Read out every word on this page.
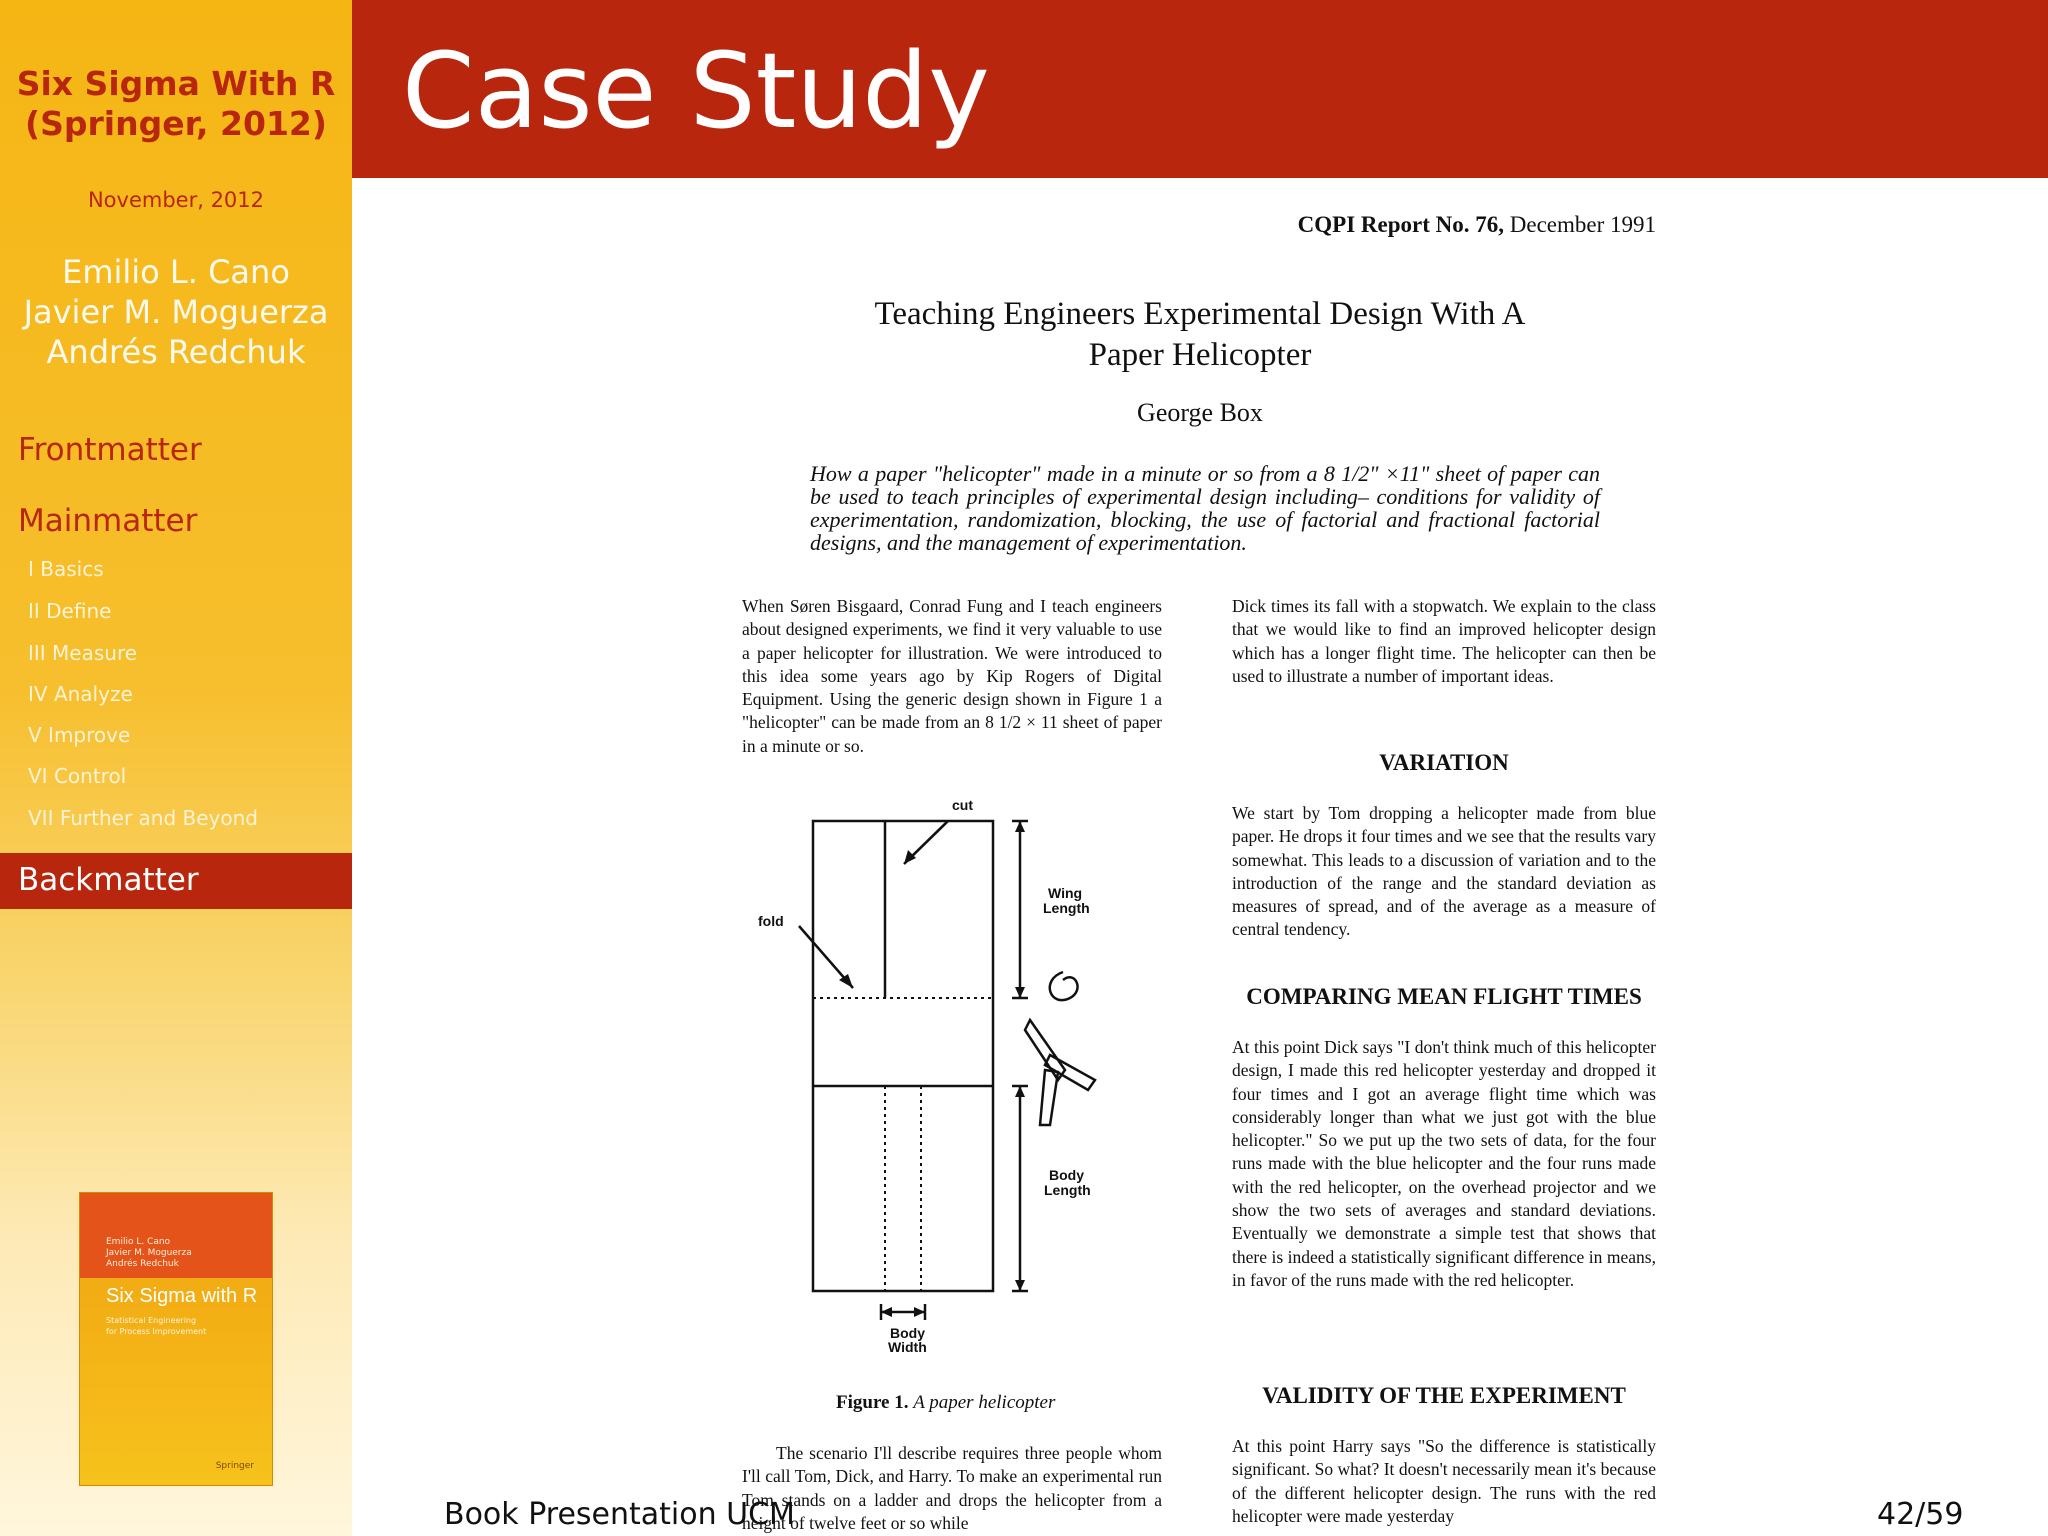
Six Sigma With R
(Springer, 2012)
November, 2012
Emilio L. Cano
Javier M. Moguerza
Andrés Redchuk
Frontmatter
Mainmatter
I Basics
II Define
III Measure
IV Analyze
V Improve
VI Control
VII Further and Beyond
Backmatter
Emilio L. Cano
Javier M. Moguerza
Andrés Redchuk
Six Sigma with R
Statistical Engineering
for Process Improvement
Springer
Case Study
CQPI Report No. 76, December 1991
Teaching Engineers Experimental Design With A
Paper Helicopter
George Box
How a paper "helicopter" made in a minute or so from a 8 1/2" ×11" sheet of paper can be used to teach principles of experimental design including– conditions for validity of experimentation, randomization, blocking, the use of factorial and fractional factorial designs, and the management of experimentation.
When Søren Bisgaard, Conrad Fung and I teach engineers about designed experiments, we find it very valuable to use a paper helicopter for illustration. We were introduced to this idea some years ago by Kip Rogers of Digital Equipment. Using the generic design shown in Figure 1 a "helicopter" can be made from an 8 1/2 × 11 sheet of paper in a minute or so.
cut
fold
Wing
Length
Body
Length
Body
Width
Figure 1. A paper helicopter
The scenario I'll describe requires three people whom I'll call Tom, Dick, and Harry. To make an experimental run Tom stands on a ladder and drops the helicopter from a height of twelve feet or so while
Dick times its fall with a stopwatch. We explain to the class that we would like to find an improved helicopter design which has a longer flight time. The helicopter can then be used to illustrate a number of important ideas.
VARIATION
We start by Tom dropping a helicopter made from blue paper. He drops it four times and we see that the results vary somewhat. This leads to a discussion of variation and to the introduction of the range and the standard deviation as measures of spread, and of the average as a measure of central tendency.
COMPARING MEAN FLIGHT TIMES
At this point Dick says "I don't think much of this helicopter design, I made this red helicopter yesterday and dropped it four times and I got an average flight time which was considerably longer than what we just got with the blue helicopter." So we put up the two sets of data, for the four runs made with the blue helicopter and the four runs made with the red helicopter, on the overhead projector and we show the two sets of averages and standard deviations. Eventually we demonstrate a simple test that shows that there is indeed a statistically significant difference in means, in favor of the runs made with the red helicopter.
VALIDITY OF THE EXPERIMENT
At this point Harry says "So the difference is statistically significant. So what? It doesn't necessarily mean it's because of the different helicopter design. The runs with the red helicopter were made yesterday
Book Presentation UCM	42/59
